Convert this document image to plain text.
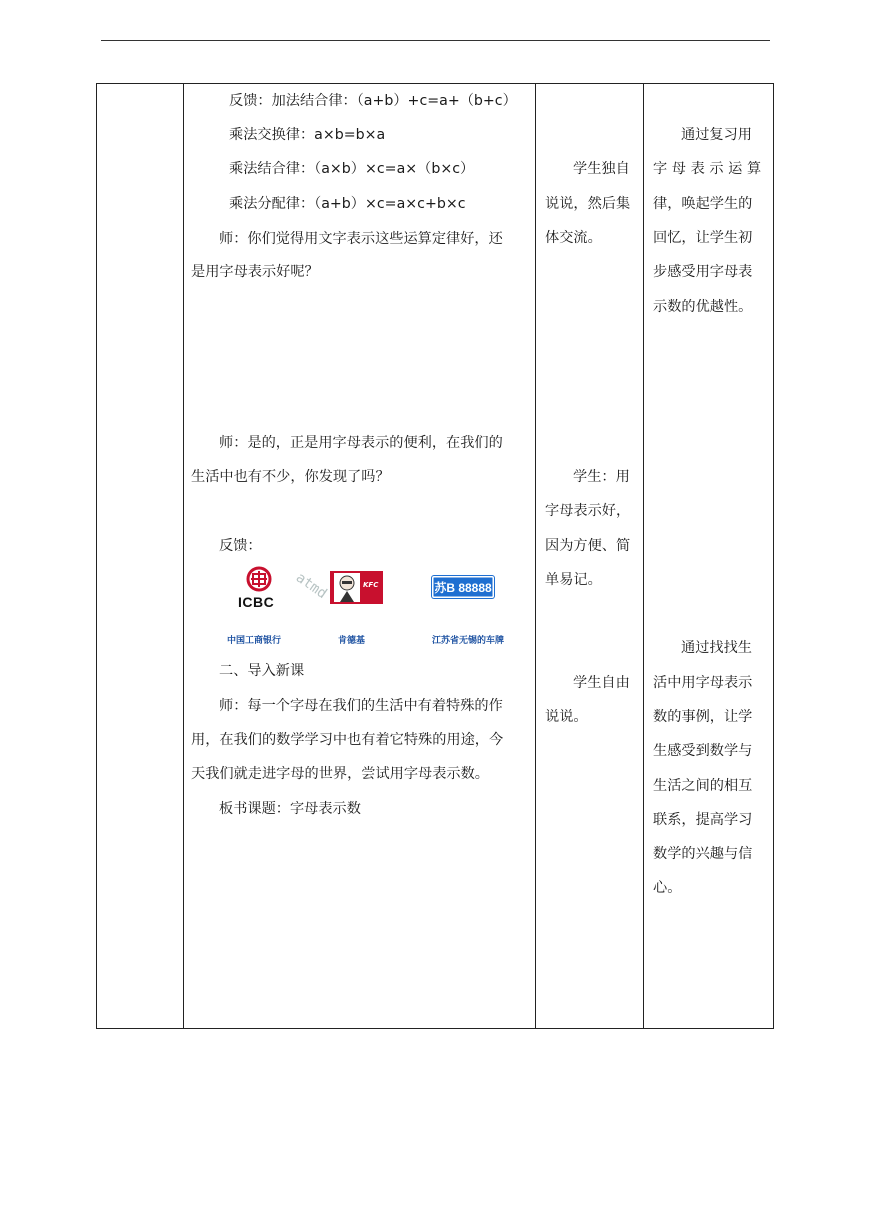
反馈：加法结合律：（a+b）+c=a+（b+c）
乘法交换律：a×b=b×a
乘法结合律：（a×b）×c=a×（b×c）
乘法分配律：（a+b）×c=a×c+b×c
师：你们觉得用文字表示这些运算定律好，还
是用字母表示好呢？
师：是的，正是用字母表示的便利，在我们的
生活中也有不少，你发现了吗？
反馈：
ICBC
中国工商银行
KFC
肯德基
atmd	苏B 88888
江苏省无锡的车牌
二、导入新课
师：每一个字母在我们的生活中有着特殊的作
用，在我们的数学学习中也有着它特殊的用途，今
天我们就走进字母的世界，尝试用字母表示数。
板书课题：字母表示数
学生独自
说说，然后集
体交流。
学生：用
字母表示好，
因为方便、简
单易记。
学生自由
说说。
通过复习用
字母表示运算
律，唤起学生的
回忆，让学生初
步感受用字母表
示数的优越性。
通过找找生
活中用字母表示
数的事例，让学
生感受到数学与
生活之间的相互
联系，提高学习
数学的兴趣与信
心。
